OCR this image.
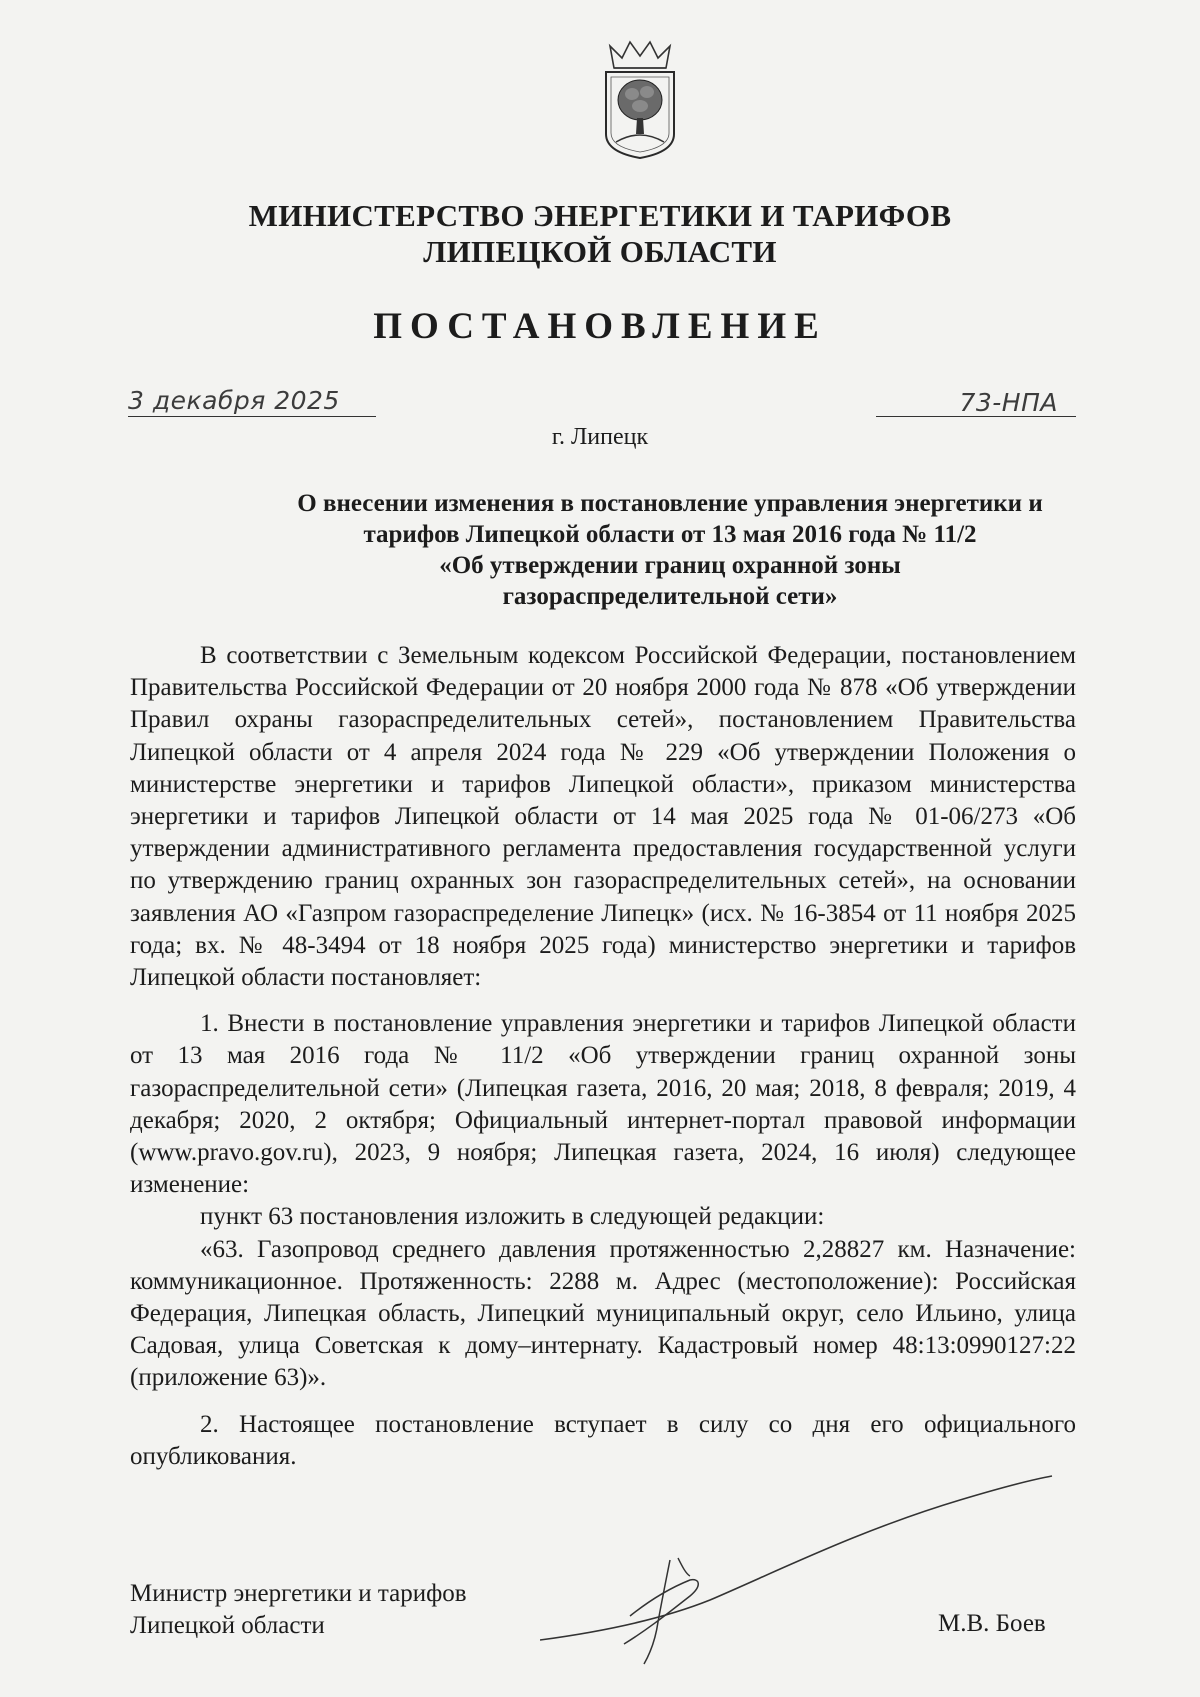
МИНИСТЕРСТВО ЭНЕРГЕТИКИ И ТАРИФОВ
ЛИПЕЦКОЙ ОБЛАСТИ
ПОСТАНОВЛЕНИЕ
3 декабря 2025	73-НПА
г. Липецк
О внесении изменения в постановление управления энергетики и
тарифов Липецкой области от 13 мая 2016 года № 11/2
«Об утверждении границ охранной зоны
газораспределительной сети»

В соответствии с Земельным кодексом Российской Федерации, постановлением Правительства Российской Федерации от 20 ноября 2000 года № 878 «Об утверждении Правил охраны газораспределительных сетей», постановлением Правительства Липецкой области от 4 апреля 2024 года № 229 «Об утверждении Положения о министерстве энергетики и тарифов Липецкой области», приказом министерства энергетики и тарифов Липецкой области от 14 мая 2025 года № 01-06/273 «Об утверждении административного регламента предоставления государственной услуги по утверждению границ охранных зон газораспределительных сетей», на основании заявления АО «Газпром газораспределение Липецк» (исх. № 16-3854 от 11 ноября 2025 года; вх. № 48-3494 от 18 ноября 2025 года) министерство энергетики и тарифов Липецкой области постановляет:

1. Внести в постановление управления энергетики и тарифов Липецкой области от 13 мая 2016 года № 11/2 «Об утверждении границ охранной зоны газораспределительной сети» (Липецкая газета, 2016, 20 мая; 2018, 8 февраля; 2019, 4 декабря; 2020, 2 октября; Официальный интернет-портал правовой информации (www.pravo.gov.ru), 2023, 9 ноября; Липецкая газета, 2024, 16 июля) следующее изменение:

пункт 63 постановления изложить в следующей редакции:

«63. Газопровод среднего давления протяженностью 2,28827 км. Назначение: коммуникационное. Протяженность: 2288 м. Адрес (местоположение): Российская Федерация, Липецкая область, Липецкий муниципальный округ, село Ильино, улица Садовая, улица Советская к дому–интернату. Кадастровый номер 48:13:0990127:22 (приложение 63)».

2. Настоящее постановление вступает в силу со дня его официального опубликования.

Министр энергетики и тарифов
Липецкой области	М.В. Боев
